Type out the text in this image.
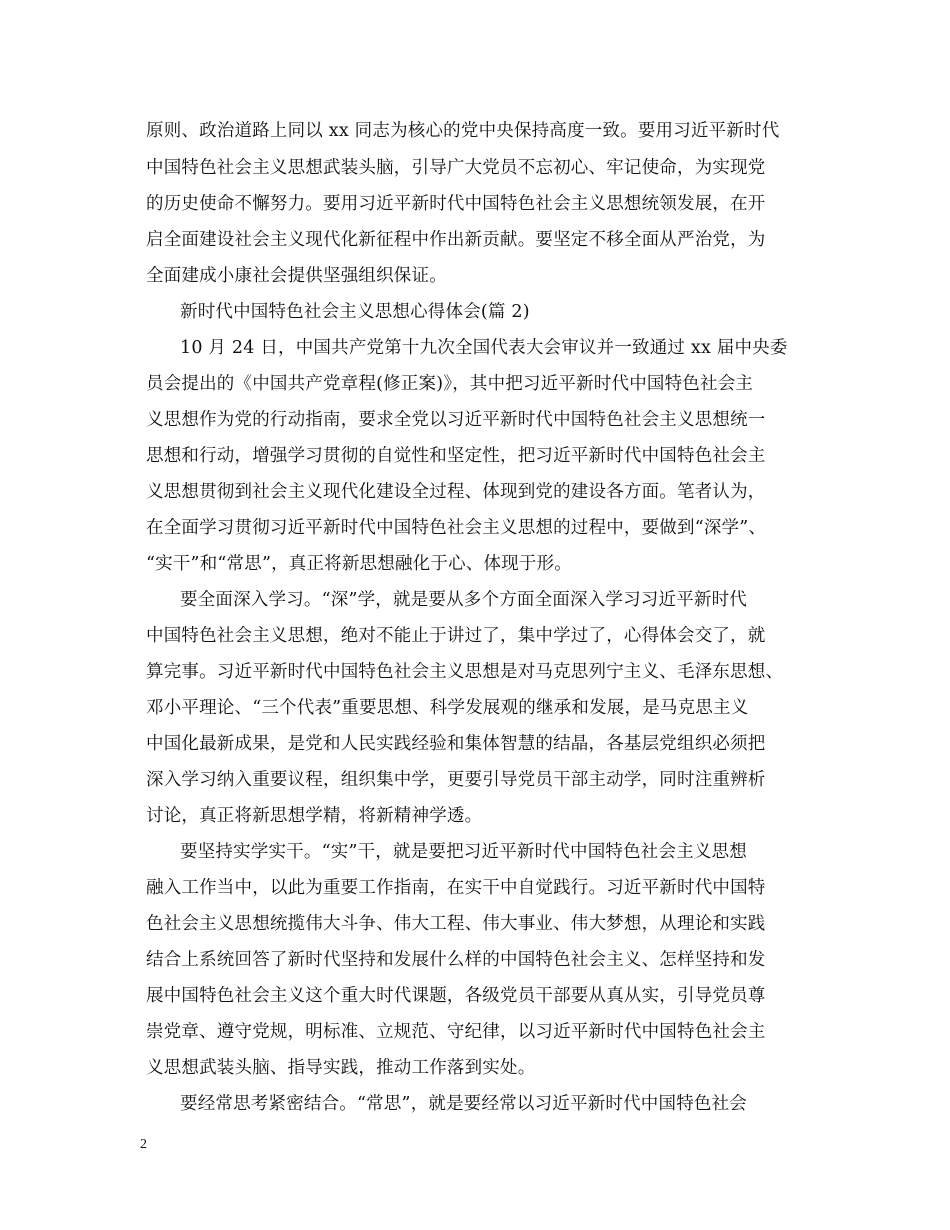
原则、政治道路上同以 xx 同志为核心的党中央保持高度一致。要用习近平新时代
中国特色社会主义思想武装头脑，引导广大党员不忘初心、牢记使命，为实现党
的历史使命不懈努力。要用习近平新时代中国特色社会主义思想统领发展，在开
启全面建设社会主义现代化新征程中作出新贡献。要坚定不移全面从严治党，为
全面建成小康社会提供坚强组织保证。
新时代中国特色社会主义思想心得体会(篇 2)
10 月 24 日，中国共产党第十九次全国代表大会审议并一致通过 xx 届中央委
员会提出的《中国共产党章程(修正案)》，其中把习近平新时代中国特色社会主
义思想作为党的行动指南，要求全党以习近平新时代中国特色社会主义思想统一
思想和行动，增强学习贯彻的自觉性和坚定性，把习近平新时代中国特色社会主
义思想贯彻到社会主义现代化建设全过程、体现到党的建设各方面。笔者认为，
在全面学习贯彻习近平新时代中国特色社会主义思想的过程中，要做到“深学”、
“实干”和“常思”，真正将新思想融化于心、体现于形。
要全面深入学习。“深”学，就是要从多个方面全面深入学习习近平新时代
中国特色社会主义思想，绝对不能止于讲过了，集中学过了，心得体会交了，就
算完事。习近平新时代中国特色社会主义思想是对马克思列宁主义、毛泽东思想、
邓小平理论、“三个代表”重要思想、科学发展观的继承和发展，是马克思主义
中国化最新成果，是党和人民实践经验和集体智慧的结晶，各基层党组织必须把
深入学习纳入重要议程，组织集中学，更要引导党员干部主动学，同时注重辨析
讨论，真正将新思想学精，将新精神学透。
要坚持实学实干。“实”干，就是要把习近平新时代中国特色社会主义思想
融入工作当中，以此为重要工作指南，在实干中自觉践行。习近平新时代中国特
色社会主义思想统揽伟大斗争、伟大工程、伟大事业、伟大梦想，从理论和实践
结合上系统回答了新时代坚持和发展什么样的中国特色社会主义、怎样坚持和发
展中国特色社会主义这个重大时代课题，各级党员干部要从真从实，引导党员尊
崇党章、遵守党规，明标准、立规范、守纪律，以习近平新时代中国特色社会主
义思想武装头脑、指导实践，推动工作落到实处。
要经常思考紧密结合。“常思”，就是要经常以习近平新时代中国特色社会
2
